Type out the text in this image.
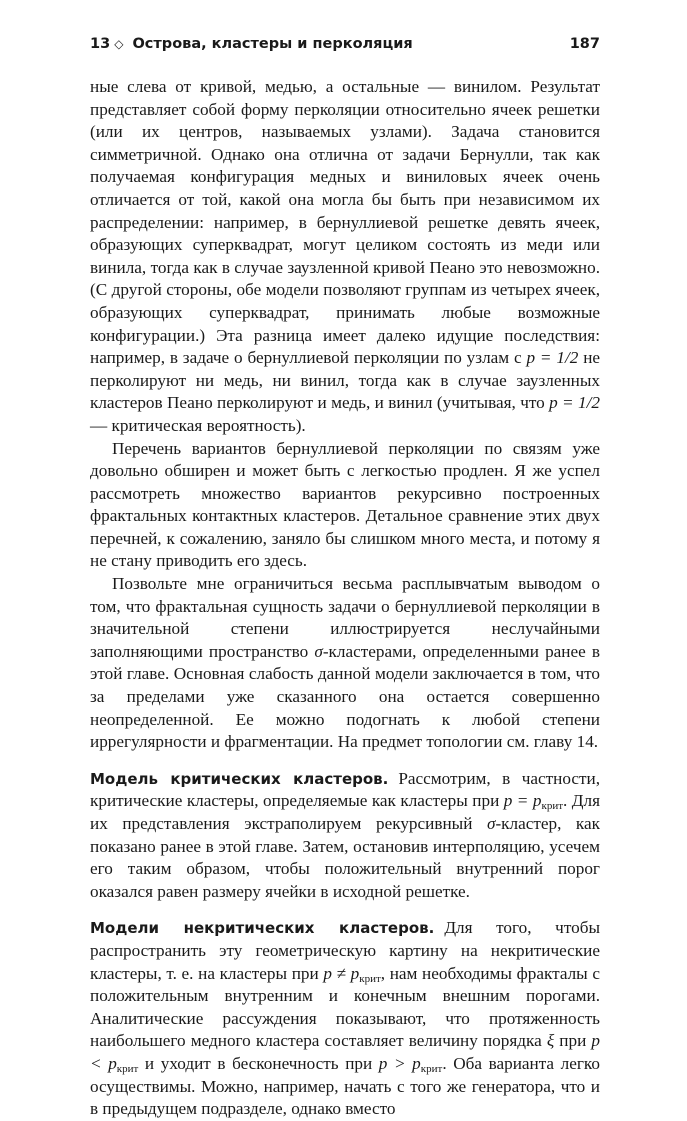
13 ◇ Острова, кластеры и перколяция	187

ные слева от кривой, медью, а остальные — винилом. Результат представляет собой форму перколяции относительно ячеек решетки (или их центров, называемых узлами). Задача становится симметричной. Однако она отлична от задачи Бернулли, так как получаемая конфигурация медных и виниловых ячеек очень отличается от той, какой она могла бы быть при независимом их распределении: например, в бернуллиевой решетке девять ячеек, образующих суперквадрат, могут целиком состоять из меди или винила, тогда как в случае заузленной кривой Пеано это невозможно. (С другой стороны, обе модели позволяют группам из четырех ячеек, образующих суперквадрат, принимать любые возможные конфигурации.) Эта разница имеет далеко идущие последствия: например, в задаче о бернуллиевой перколяции по узлам с p = 1/2 не перколируют ни медь, ни винил, тогда как в случае заузленных кластеров Пеано перколируют и медь, и винил (учитывая, что p = 1/2 — критическая вероятность).

Перечень вариантов бернуллиевой перколяции по связям уже довольно обширен и может быть с легкостью продлен. Я же успел рассмотреть множество вариантов рекурсивно построенных фрактальных контактных кластеров. Детальное сравнение этих двух перечней, к сожалению, заняло бы слишком много места, и потому я не стану приводить его здесь.

Позвольте мне ограничиться весьма расплывчатым выводом о том, что фрактальная сущность задачи о бернуллиевой перколяции в значительной степени иллюстрируется неслучайными заполняющими пространство σ-кластерами, определенными ранее в этой главе. Основная слабость данной модели заключается в том, что за пределами уже сказанного она остается совершенно неопределенной. Ее можно подогнать к любой степени иррегулярности и фрагментации. На предмет топологии см. главу 14.

Модель критических кластеров. Рассмотрим, в частности, критические кластеры, определяемые как кластеры при $p = p_{крит}$. Для их представления экстраполируем рекурсивный σ-кластер, как показано ранее в этой главе. Затем, остановив интерполяцию, усечем его таким образом, чтобы положительный внутренний порог оказался равен размеру ячейки в исходной решетке.

Модели некритических кластеров. Для того, чтобы распространить эту геометрическую картину на некритические кластеры, т. е. на кластеры при $p \ne p_{крит}$, нам необходимы фракталы с положительным внутренним и конечным внешним порогами. Аналитические рассуждения показывают, что протяженность наибольшего медного кластера составляет величину порядка ξ при $p < p_{крит}$ и уходит в бесконечность при $p > p_{крит}$. Оба варианта легко осуществимы. Можно, например, начать с того же генератора, что и в предыдущем подразделе, однако вместо
